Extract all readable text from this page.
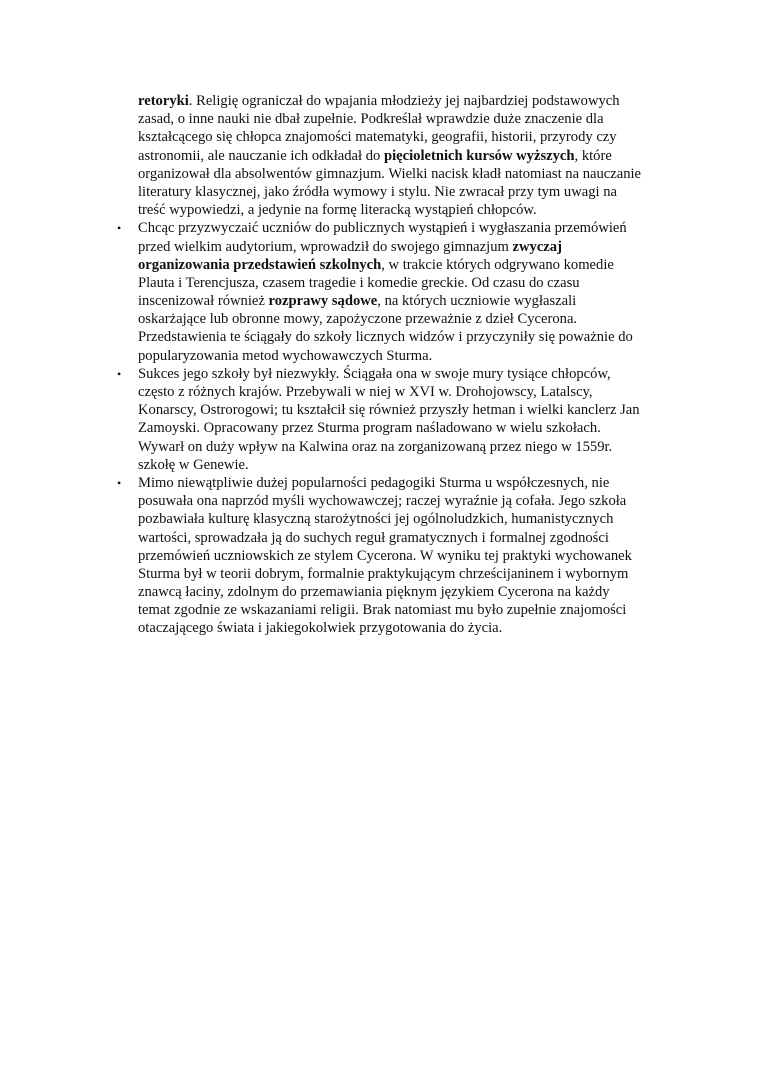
retoryki. Religię ograniczał do wpajania młodzieży jej najbardziej podstawowych
zasad, o inne nauki nie dbał zupełnie. Podkreślał wprawdzie duże znaczenie dla
kształcącego się chłopca znajomości matematyki, geografii, historii, przyrody czy
astronomii, ale nauczanie ich odkładał do pięcioletnich kursów wyższych, które
organizował dla absolwentów gimnazjum. Wielki nacisk kładł natomiast na nauczanie
literatury klasycznej, jako źródła wymowy i stylu. Nie zwracał przy tym uwagi na
treść wypowiedzi, a jedynie na formę literacką wystąpień chłopców.
• Chcąc przyzwyczaić uczniów do publicznych wystąpień i wygłaszania przemówień
przed wielkim audytorium, wprowadził do swojego gimnazjum zwyczaj
organizowania przedstawień szkolnych, w trakcie których odgrywano komedie
Plauta i Terencjusza, czasem tragedie i komedie greckie. Od czasu do czasu
inscenizował również rozprawy sądowe, na których uczniowie wygłaszali
oskarżające lub obronne mowy, zapożyczone przeważnie z dzieł Cycerona.
Przedstawienia te ściągały do szkoły licznych widzów i przyczyniły się poważnie do
popularyzowania metod wychowawczych Sturma.
• Sukces jego szkoły był niezwykły. Ściągała ona w swoje mury tysiące chłopców,
często z różnych krajów. Przebywali w niej w XVI w. Drohojowscy, Latalscy,
Konarscy, Ostrorogowi; tu kształcił się również przyszły hetman i wielki kanclerz Jan
Zamoyski. Opracowany przez Sturma program naśladowano w wielu szkołach.
Wywarł on duży wpływ na Kalwina oraz na zorganizowaną przez niego w 1559r.
szkołę w Genewie.
• Mimo niewątpliwie dużej popularności pedagogiki Sturma u współczesnych, nie
posuwała ona naprzód myśli wychowawczej; raczej wyraźnie ją cofała. Jego szkoła
pozbawiała kulturę klasyczną starożytności jej ogólnoludzkich, humanistycznych
wartości, sprowadzała ją do suchych reguł gramatycznych i formalnej zgodności
przemówień uczniowskich ze stylem Cycerona. W wyniku tej praktyki wychowanek
Sturma był w teorii dobrym, formalnie praktykującym chrześcijaninem i wybornym
znawcą łaciny, zdolnym do przemawiania pięknym językiem Cycerona na każdy
temat zgodnie ze wskazaniami religii. Brak natomiast mu było zupełnie znajomości
otaczającego świata i jakiegokolwiek przygotowania do życia.
